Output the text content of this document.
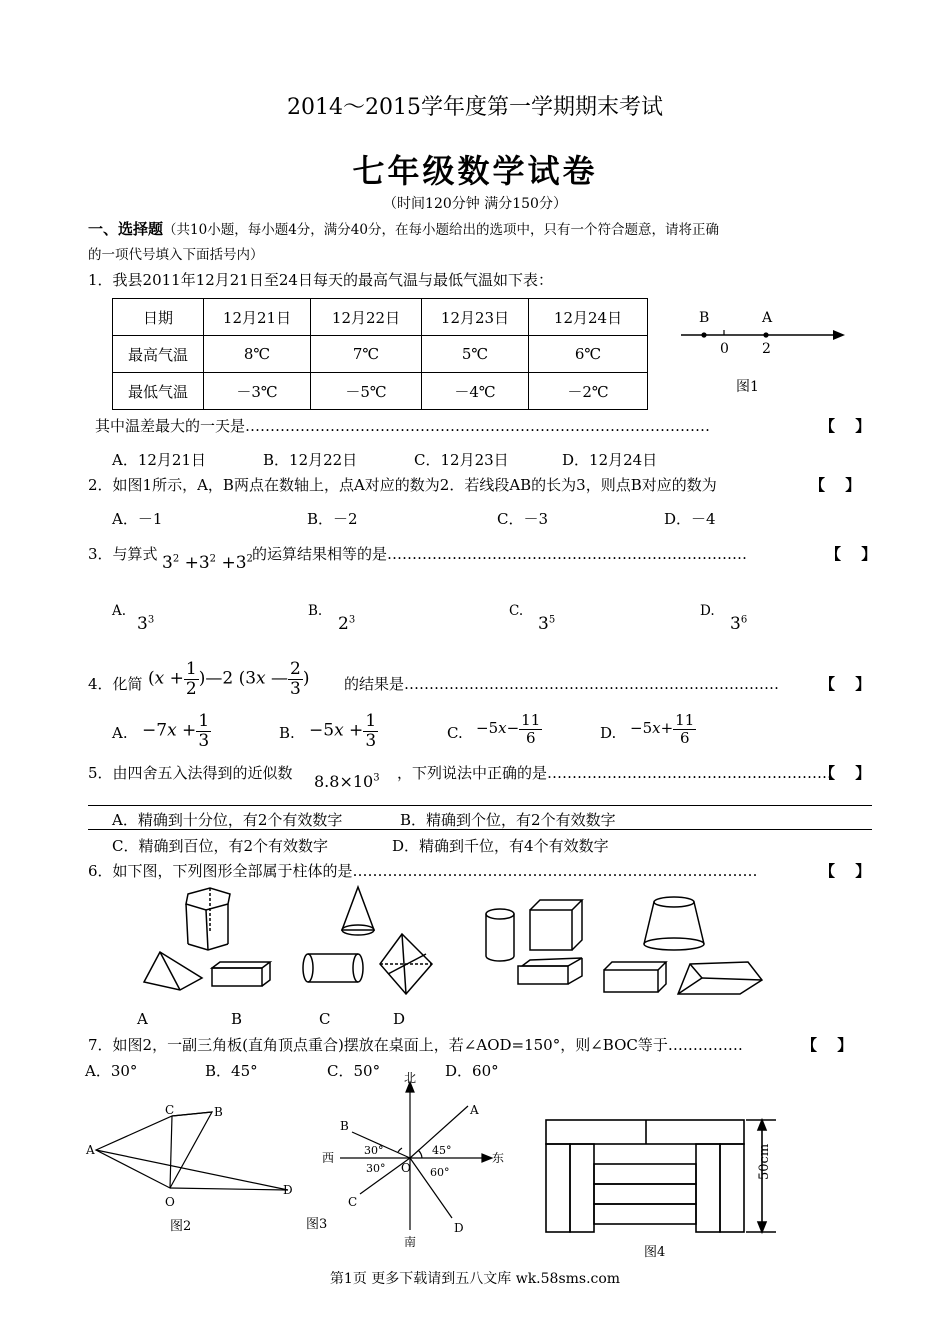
2014～2015学年度第一学期期末考试
七年级数学试卷
（时间120分钟 满分150分）
一、选择题（共10小题，每小题4分，满分40分，在每小题给出的选项中，只有一个符合题意，请将正确
的一项代号填入下面括号内）
1．我县2011年12月21日至24日每天的最高气温与最低气温如下表：
日期	12月21日	12月22日	12月23日	12月24日
最高气温	8℃	7℃	5℃	6℃
最低气温	－3℃	－5℃	－4℃	－2℃
B	A
0 2
图1
其中温差最大的一天是…………………………………………………………………………………	【　 】
A．12月21日	B．12月22日	C．12月23日	D．12月24日
2．如图1所示，A，B两点在数轴上，点A对应的数为2．若线段AB的长为3，则点B对应的数为	【　 】
A．－1	B．－2	C．－3	D．－4
3．与算式 $3^2 +3^2 +3^2$ 的运算结果相等的是………………………………………………………………	【　 】
A.
$3^3$
B.
$2^3$
C.
$3^5$
D.
$3^6$
4．化简 ($x + \frac{1}{2}$ )—2 (3x — $\frac{2}{3}$ ) 的结果是…………………………………………………………………	【　 】
A. $-7x + \frac{1}{3}$	B. $-5x + \frac{1}{3}$	C. $-5x- \frac{11}{6}$	D. $-5x+ \frac{11}{6}$
5．由四舍五入法得到的近似数 $8.8\times 10^3$ ，下列说法中正确的是…………………………………………………
【　 】
A．精确到十分位，有2个有效数字	B．精确到个位，有2个有效数字
C．精确到百位，有2个有效数字	D．精确到千位，有4个有效数字
6．如下图，下列图形全部属于柱体的是………………………………………………………………………	【　 】
A	B	C	D
7．如图2，一副三角板(直角顶点重合)摆放在桌面上，若∠AOD=150°，则∠BOC等于……………	【　 】
A．30°	B．45°	C．50°	D．60°
A
C	B
O
D
图2
北
南
东
西
A
B
C
D
O
30°
30°
45°
60°
图3
50cm
图4
第1页 更多下载请到五八文库 wk.58sms.com
